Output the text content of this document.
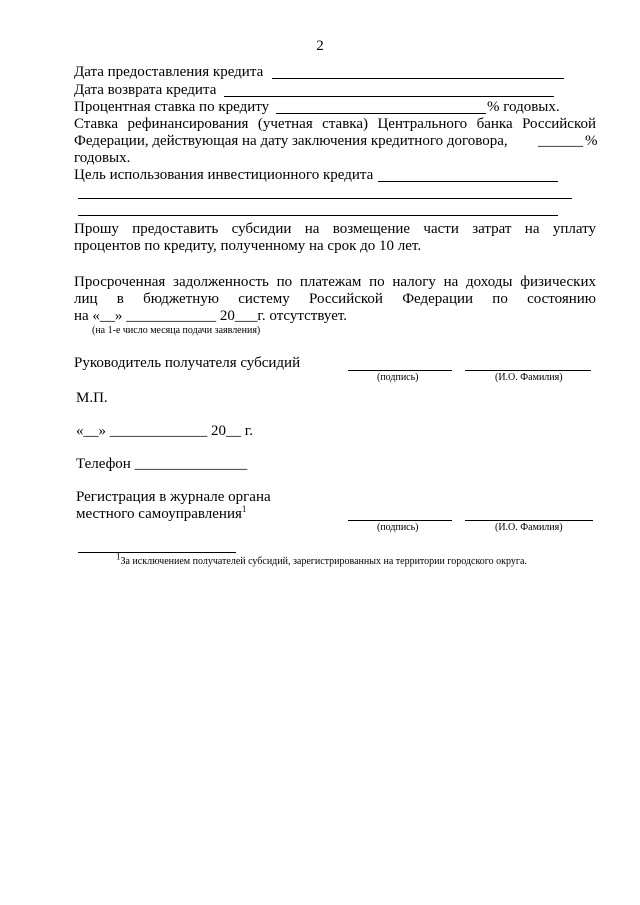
2
Дата предоставления кредита
Дата возврата кредита
Процентная ставка по кредиту	% годовых.
Ставка рефинансирования (учетная ставка) Центрального банка Российской
Федерации, действующая на дату заключения кредитного договора, ______ %
годовых.
Цель использования инвестиционного кредита
Прошу предоставить субсидии на возмещение части затрат на уплату
процентов по кредиту, полученному на срок до 10 лет.
Просроченная задолженность по платежам по налогу на доходы физических
лиц в бюджетную систему Российской Федерации по состоянию
на «__» ____________ 20___г. отсутствует.
(на 1-е число месяца подачи заявления)
Руководитель получателя субсидий
(подпись)	(И.О. Фамилия)
М.П.
«__» _____________ 20__ г.
Телефон _______________
Регистрация в журнале органа
местного самоуправления$^1$
(подпись)	(И.О. Фамилия)
$^1$За исключением получателей субсидий, зарегистрированных на территории городского округа.
